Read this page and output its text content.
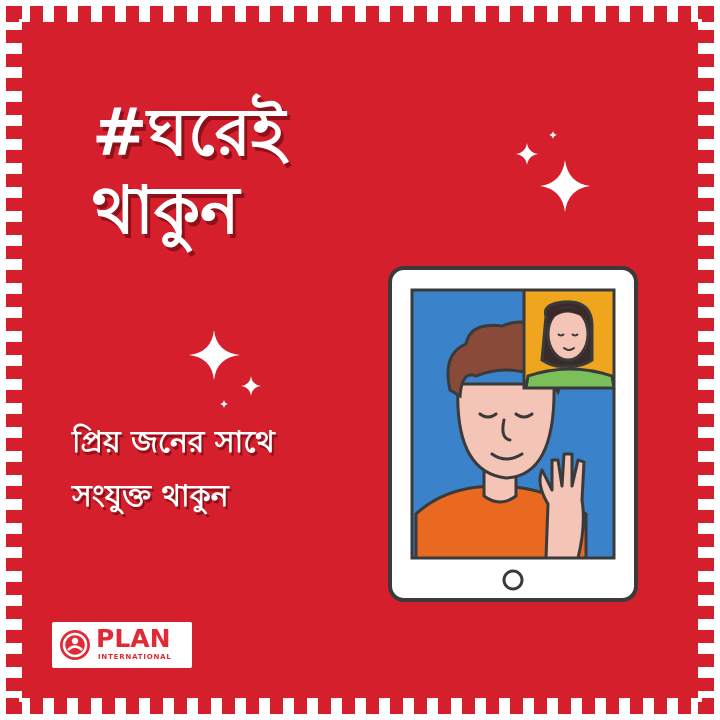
#ঘরেই
থাকুন
প্রিয় জনের সাথে
সংযুক্ত থাকুন
PLAN
INTERNATIONAL
